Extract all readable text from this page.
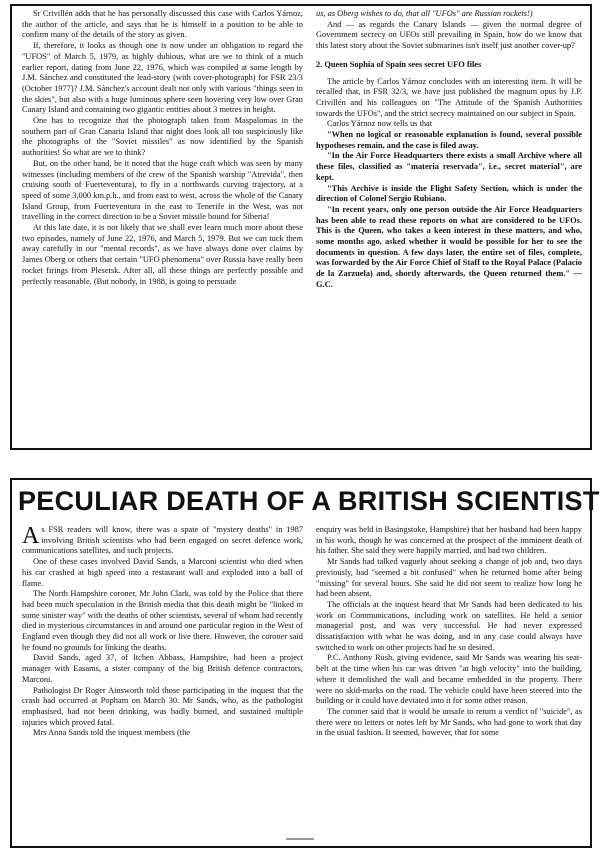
Sr Crivillén adds that he has personally discussed this case with Carlos Yárnoz, the author of the article, and says that he is himself in a position to be able to confirm many of the details of the story as given.

If, therefore, it looks as though one is now under an obligation to regard the "UFOS" of March 5, 1979, as highly dubious, what are we to think of a much earlier report, dating from June 22, 1976, which was compiled at some length by J.M. Sánchez and constituted the lead-story (with cover-photograph) for FSR 23/3 (October 1977)? J.M. Sánchez's account dealt not only with various "things seen in the skies", but also with a huge luminous sphere seen hovering very low over Gran Canary Island and containing two gigantic entities about 3 metres in height.

One has to recognize that the photograph taken from Maspalomas in the southern part of Gran Canaria Island that night does look all too suspiciously like the photographs of the "Soviet missiles" as now identified by the Spanish authorities! So what are we to think?

But, on the other hand, be it noted that the huge craft which was seen by many witnesses (including members of the crew of the Spanish warship "Atrevida", then cruising south of Fuerteventura), to fly in a northwards curving trajectory, at a speed of some 3,000 km.p.h., and from east to west, across the whole of the Canary Island Group, from Fuerteventura in the east to Tenerife in the West, was not travelling in the correct direction to be a Soviet missile bound for Siberia!

At this late date, it is not likely that we shall ever learn much more about these two episodes, namely of June 22, 1976, and March 5, 1979. But we can tuck them away carefully in our "mental records", as we have always done over claims by James Oberg or others that certain "UFO phenomena" over Russia have really been rocket firings from Plesetsk. After all, all these things are perfectly possible and perfectly reasonable. (But nobody, in 1988, is going to persuade

us, as Oberg wishes to do, that all "UFOs" are Russian rockets!)

And — as regards the Canary Islands — given the normal degree of Government secrecy on UFOs still prevailing in Spain, how do we know that this latest story about the Soviet submarines isn't itself just another cover-up?

2. Queen Sophia of Spain sees secret UFO files

The article by Carlos Yárnoz concludes with an interesting item. It will be recalled that, in FSR 32/3, we have just published the magnum opus by J.P. Crivillén and his colleagues on "The Attitude of the Spanish Authorities towards the UFOs", and the strict secrecy maintained on our subject in Spain.

Carlos Yárnoz now tells us that

"When no logical or reasonable explanation is found, several possible hypotheses remain, and the case is filed away.

"In the Air Force Headquarters there exists a small Archive where all these files, classified as "materia reservada", i.e., secret material", are kept.

"This Archive is inside the Flight Safety Section, which is under the direction of Colonel Sergio Rubiano.

"In recent years, only one person outside the Air Force Headquarters has been able to read these reports on what are considered to be UFOs. This is the Queen, who takes a keen interest in these matters, and who, some months ago, asked whether it would be possible for her to see the documents in question. A few days later, the entire set of files, complete, was forwarded by the Air Force Chief of Staff to the Royal Palace (Palacio de la Zarzuela) and, shortly afterwards, the Queen returned them." — G.C.

PECULIAR DEATH OF A BRITISH SCIENTIST

As FSR readers will know, there was a spate of "mystery deaths" in 1987 involving British scientists who had been engaged on secret defence work, communications satellites, and such projects.

One of these cases involved David Sands, a Marconi scientist who died when his car crashed at high speed into a restaurant wall and exploded into a ball of flame.

The North Hampshire coroner, Mr John Clark, was told by the Police that there had been much speculation in the British media that this death might be "linked in some sinister way" with the deaths of other scientists, several of whom had recently died in mysterious circumstances in and around one particular region in the West of England even though they did not all work or live there. However, the coroner said he found no grounds for linking the deaths.

David Sands, aged 37, of Itchen Abbass, Hampshire, had been a project manager with Easams, a sister company of the big British defence contractors, Marconi.

Pathologist Dr Roger Ainsworth told those participating in the inquest that the crash had occurred at Popham on March 30. Mr Sands, who, as the pathologist emphasised, had not been drinking, was badly burned, and sustained multiple injuries which proved fatal.

Mrs Anna Sands told the inquest members (the

enquiry was held in Basingstoke, Hampshire) that her husband had been happy in his work, though he was concerned at the prospect of the imminent death of his father. She said they were happily married, and had two children.

Mr Sands had talked vaguely about seeking a change of job and, two days previously, had "seemed a bit confused" when he returned home after being "missing" for several hours. She said he did not seem to realize how long he had been absent.

The officials at the inquest heard that Mr Sands had been dedicated to his work on Communications, including work on satellites. He held a senior managerial post, and was very successful. He had never expressed dissatisfaction with what he was doing, and in any case could always have switched to work on other projects had he so desired.

P.C. Anthony Rush, giving evidence, said Mr Sands was wearing his seat-belt at the time when his car was driven "at high velocity" into the building, where it demolished the wall and became embedded in the property. There were no skid-marks on the road. The vehicle could have been steered into the building or it could have deviated into it for some other reason.

The coroner said that it would be unsafe to return a verdict of "suicide", as there were no letters or notes left by Mr Sands, who had gone to work that day in the usual fashion. It seemed, however, that for some
